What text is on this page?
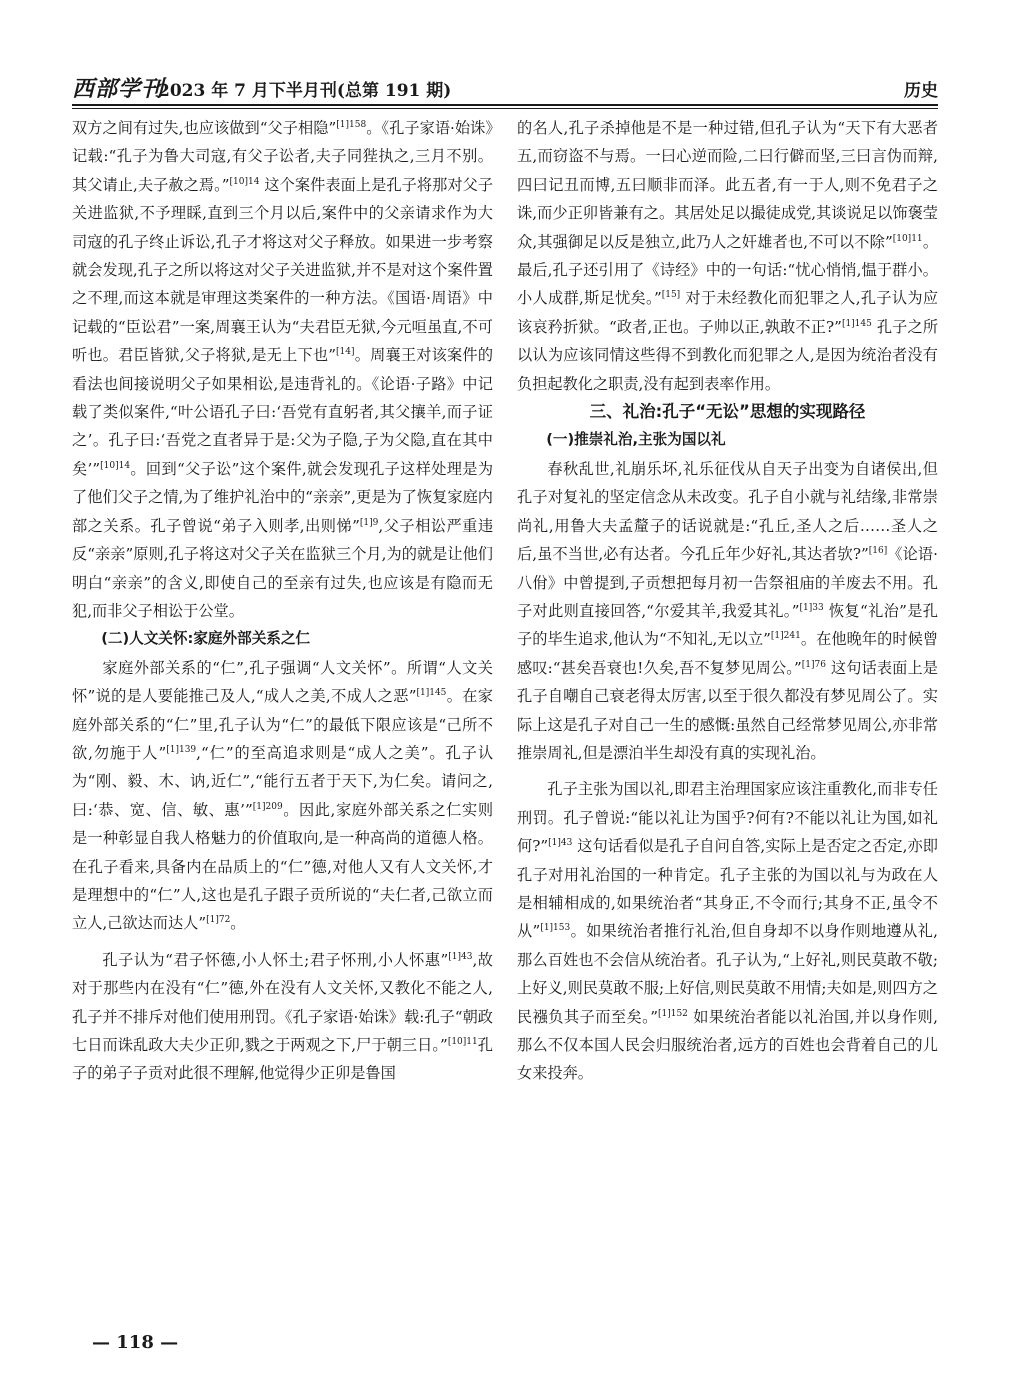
西部学刊
2023 年 7 月下半月刊(总第 191 期)	历史

双方之间有过失,也应该做到“父子相隐”$^{[1]158}$。《孔子家语·始诛》记载:“孔子为鲁大司寇,有父子讼者,夫子同狴执之,三月不别。其父请止,夫子赦之焉。”$^{[10]14}$ 这个案件表面上是孔子将那对父子关进监狱,不予理睬,直到三个月以后,案件中的父亲请求作为大司寇的孔子终止诉讼,孔子才将这对父子释放。如果进一步考察就会发现,孔子之所以将这对父子关进监狱,并不是对这个案件置之不理,而这本就是审理这类案件的一种方法。《国语·周语》中记载的“臣讼君”一案,周襄王认为“夫君臣无狱,今元咺虽直,不可听也。君臣皆狱,父子将狱,是无上下也”[14]。周襄王对该案件的看法也间接说明父子如果相讼,是违背礼的。《论语·子路》中记载了类似案件,“叶公语孔子曰:‘吾党有直躬者,其父攘羊,而子证之’。孔子曰:‘吾党之直者异于是:父为子隐,子为父隐,直在其中矣’”$^{[10]14}$。回到“父子讼”这个案件,就会发现孔子这样处理是为了他们父子之情,为了维护礼治中的“亲亲”,更是为了恢复家庭内部之关系。孔子曾说“弟子入则孝,出则悌”$^{[1]9}$,父子相讼严重违反“亲亲”原则,孔子将这对父子关在监狱三个月,为的就是让他们明白“亲亲”的含义,即使自己的至亲有过失,也应该是有隐而无犯,而非父子相讼于公堂。

(二)人文关怀:家庭外部关系之仁

家庭外部关系的“仁”,孔子强调“人文关怀”。所谓“人文关怀”说的是人要能推己及人,“成人之美,不成人之恶”$^{[1]145}$。在家庭外部关系的“仁”里,孔子认为“仁”的最低下限应该是“己所不欲,勿施于人”$^{[1]139}$,“仁”的至高追求则是“成人之美”。孔子认为“刚、毅、木、讷,近仁”,“能行五者于天下,为仁矣。请问之,曰:‘恭、宽、信、敏、惠’”$^{[1]209}$。因此,家庭外部关系之仁实则是一种彰显自我人格魅力的价值取向,是一种高尚的道德人格。在孔子看来,具备内在品质上的“仁”德,对他人又有人文关怀,才是理想中的“仁”人,这也是孔子跟子贡所说的“夫仁者,己欲立而立人,己欲达而达人”$^{[1]72}$。

孔子认为“君子怀德,小人怀土;君子怀刑,小人怀惠”$^{[1]43}$,故对于那些内在没有“仁”德,外在没有人文关怀,又教化不能之人,孔子并不排斥对他们使用刑罚。《孔子家语·始诛》载:孔子“朝政七日而诛乱政大夫少正卯,戮之于两观之下,尸于朝三日。”$^{[10]11}$孔子的弟子子贡对此很不理解,他觉得少正卯是鲁国

的名人,孔子杀掉他是不是一种过错,但孔子认为“天下有大恶者五,而窃盗不与焉。一曰心逆而险,二曰行僻而坚,三曰言伪而辩,四曰记丑而博,五曰顺非而泽。此五者,有一于人,则不免君子之诛,而少正卯皆兼有之。其居处足以撮徒成党,其谈说足以饰褒莹众,其强御足以反是独立,此乃人之奸雄者也,不可以不除”$^{[10]11}$。最后,孔子还引用了《诗经》中的一句话:“忧心悄悄,愠于群小。小人成群,斯足忧矣。”[15] 对于未经教化而犯罪之人,孔子认为应该哀矜折狱。“政者,正也。子帅以正,孰敢不正?”$^{[1]145}$ 孔子之所以认为应该同情这些得不到教化而犯罪之人,是因为统治者没有负担起教化之职责,没有起到表率作用。

三、礼治:孔子“无讼”思想的实现路径

(一)推崇礼治,主张为国以礼

春秋乱世,礼崩乐坏,礼乐征伐从自天子出变为自诸侯出,但孔子对复礼的坚定信念从未改变。孔子自小就与礼结缘,非常崇尚礼,用鲁大夫孟釐子的话说就是:“孔丘,圣人之后……圣人之后,虽不当世,必有达者。今孔丘年少好礼,其达者欤?”[16]《论语·八佾》中曾提到,子贡想把每月初一告祭祖庙的羊废去不用。孔子对此则直接回答,“尔爱其羊,我爱其礼。”$^{[1]33}$ 恢复“礼治”是孔子的毕生追求,他认为“不知礼,无以立”$^{[1]241}$。在他晚年的时候曾感叹:“甚矣吾衰也!久矣,吾不复梦见周公。”$^{[1]76}$ 这句话表面上是孔子自嘲自己衰老得太厉害,以至于很久都没有梦见周公了。实际上这是孔子对自己一生的感慨:虽然自己经常梦见周公,亦非常推崇周礼,但是漂泊半生却没有真的实现礼治。

孔子主张为国以礼,即君主治理国家应该注重教化,而非专任刑罚。孔子曾说:“能以礼让为国乎?何有?不能以礼让为国,如礼何?”$^{[1]43}$ 这句话看似是孔子自问自答,实际上是否定之否定,亦即孔子对用礼治国的一种肯定。孔子主张的为国以礼与为政在人是相辅相成的,如果统治者“其身正,不令而行;其身不正,虽令不从”$^{[1]153}$。如果统治者推行礼治,但自身却不以身作则地遵从礼,那么百姓也不会信从统治者。孔子认为,“上好礼,则民莫敢不敬;上好义,则民莫敢不服;上好信,则民莫敢不用情;夫如是,则四方之民襁负其子而至矣。”$^{[1]152}$ 如果统治者能以礼治国,并以身作则,那么不仅本国人民会归服统治者,远方的百姓也会背着自己的儿女来投奔。

— 118 —
